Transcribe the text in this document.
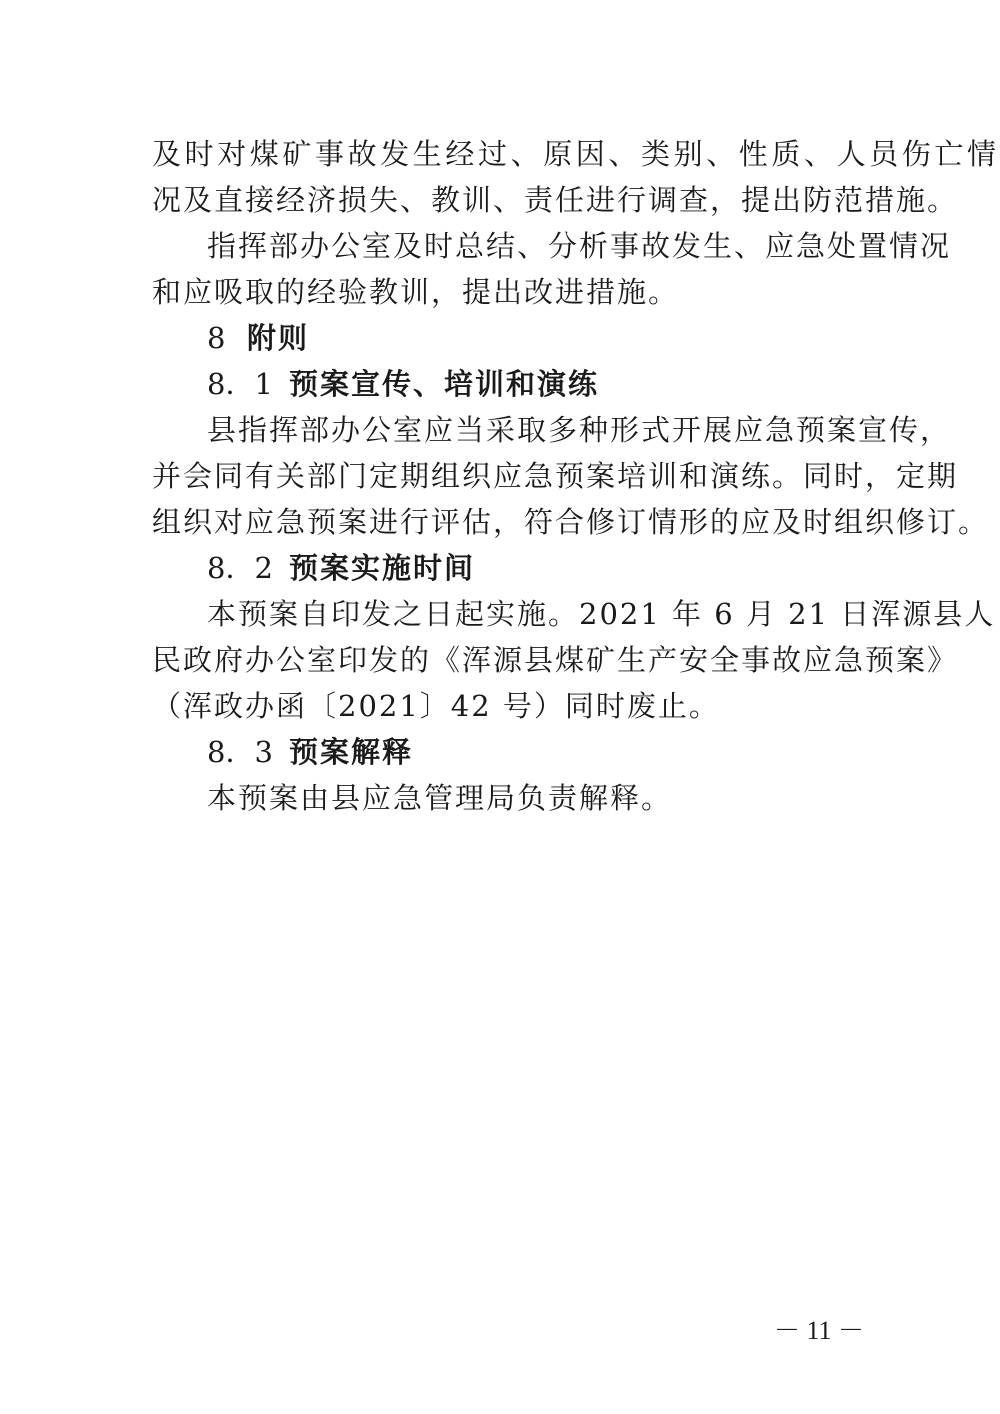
及时对煤矿事故发生经过、原因、类别、性质、人员伤亡情
况及直接经济损失、教训、责任进行调查，提出防范措施。
指挥部办公室及时总结、分析事故发生、应急处置情况
和应吸取的经验教训，提出改进措施。
8 附则
8．1 预案宣传、培训和演练
县指挥部办公室应当采取多种形式开展应急预案宣传，
并会同有关部门定期组织应急预案培训和演练。同时，定期
组织对应急预案进行评估，符合修订情形的应及时组织修订。
8．2 预案实施时间
本预案自印发之日起实施。2021 年 6 月 21 日浑源县人
民政府办公室印发的《浑源县煤矿生产安全事故应急预案》
（浑政办函〔2021〕42 号）同时废止。
8．3 预案解释
本预案由县应急管理局负责解释。
－ 11 －
